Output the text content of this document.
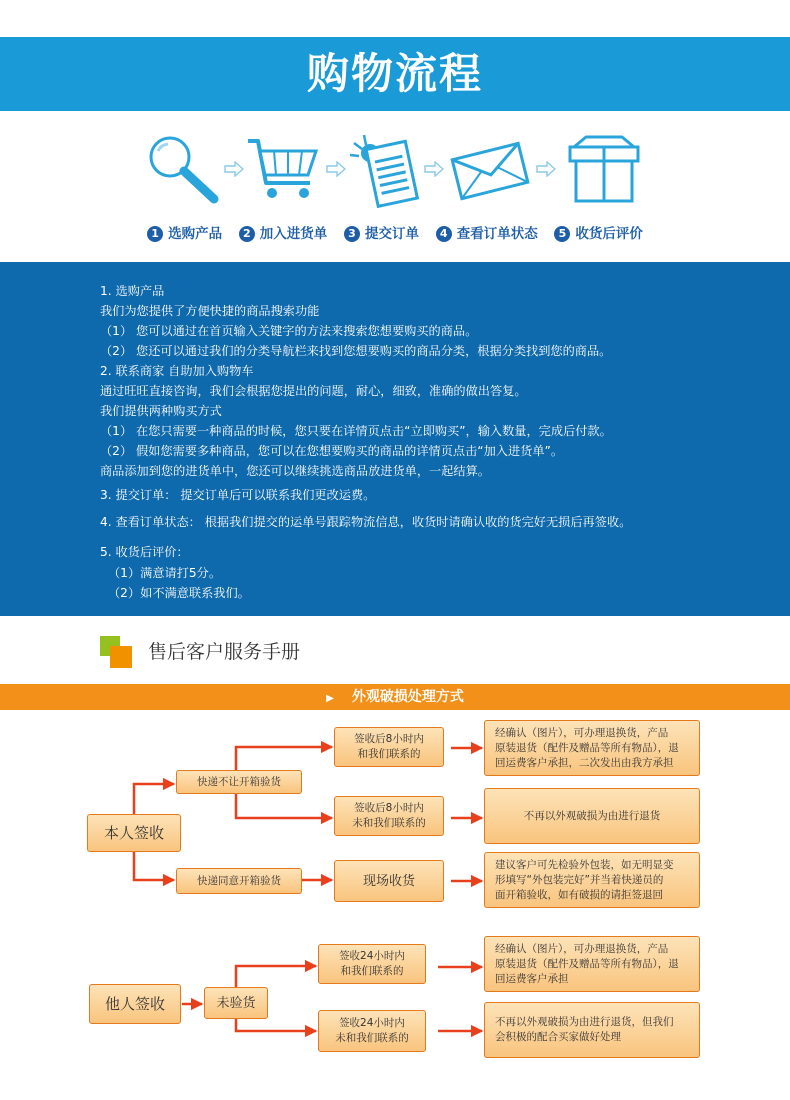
购物流程
1 选购产品 2 加入进货单 3 提交订单 4 查看订单状态 5 收货后评价
1. 选购产品
我们为您提供了方便快捷的商品搜索功能
（1） 您可以通过在首页输入关键字的方法来搜索您想要购买的商品。
（2） 您还可以通过我们的分类导航栏来找到您想要购买的商品分类，根据分类找到您的商品。
2. 联系商家 自助加入购物车
通过旺旺直接咨询，我们会根据您提出的问题，耐心，细致，准确的做出答复。
我们提供两种购买方式
（1） 在您只需要一种商品的时候，您只要在详情页点击“立即购买”，输入数量，完成后付款。
（2） 假如您需要多种商品，您可以在您想要购买的商品的详情页点击“加入进货单”。
商品添加到您的进货单中，您还可以继续挑选商品放进货单，一起结算。
3. 提交订单： 提交订单后可以联系我们更改运费。
4. 查看订单状态： 根据我们提交的运单号跟踪物流信息，收货时请确认收的货完好无损后再签收。
5. 收货后评价：
（1）满意请打5分。
（2）如不满意联系我们。
售后客户服务手册
▶ 外观破损处理方式
本人签收
快递不让开箱验货
快递同意开箱验货
签收后8小时内
和我们联系的
签收后8小时内
未和我们联系的
现场收货
经确认（图片），可办理退换货，产品
原装退货（配件及赠品等所有物品），退
回运费客户承担，二次发出由我方承担
不再以外观破损为由进行退货
建议客户可先检验外包装，如无明显变
形填写“外包装完好”并当着快递员的
面开箱验收，如有破损的请拒签退回
他人签收	未验货
签收24小时内
和我们联系的
签收24小时内
未和我们联系的
经确认（图片），可办理退换货，产品
原装退货（配件及赠品等所有物品），退
回运费客户承担
不再以外观破损为由进行退货，但我们
会积极的配合买家做好处理
